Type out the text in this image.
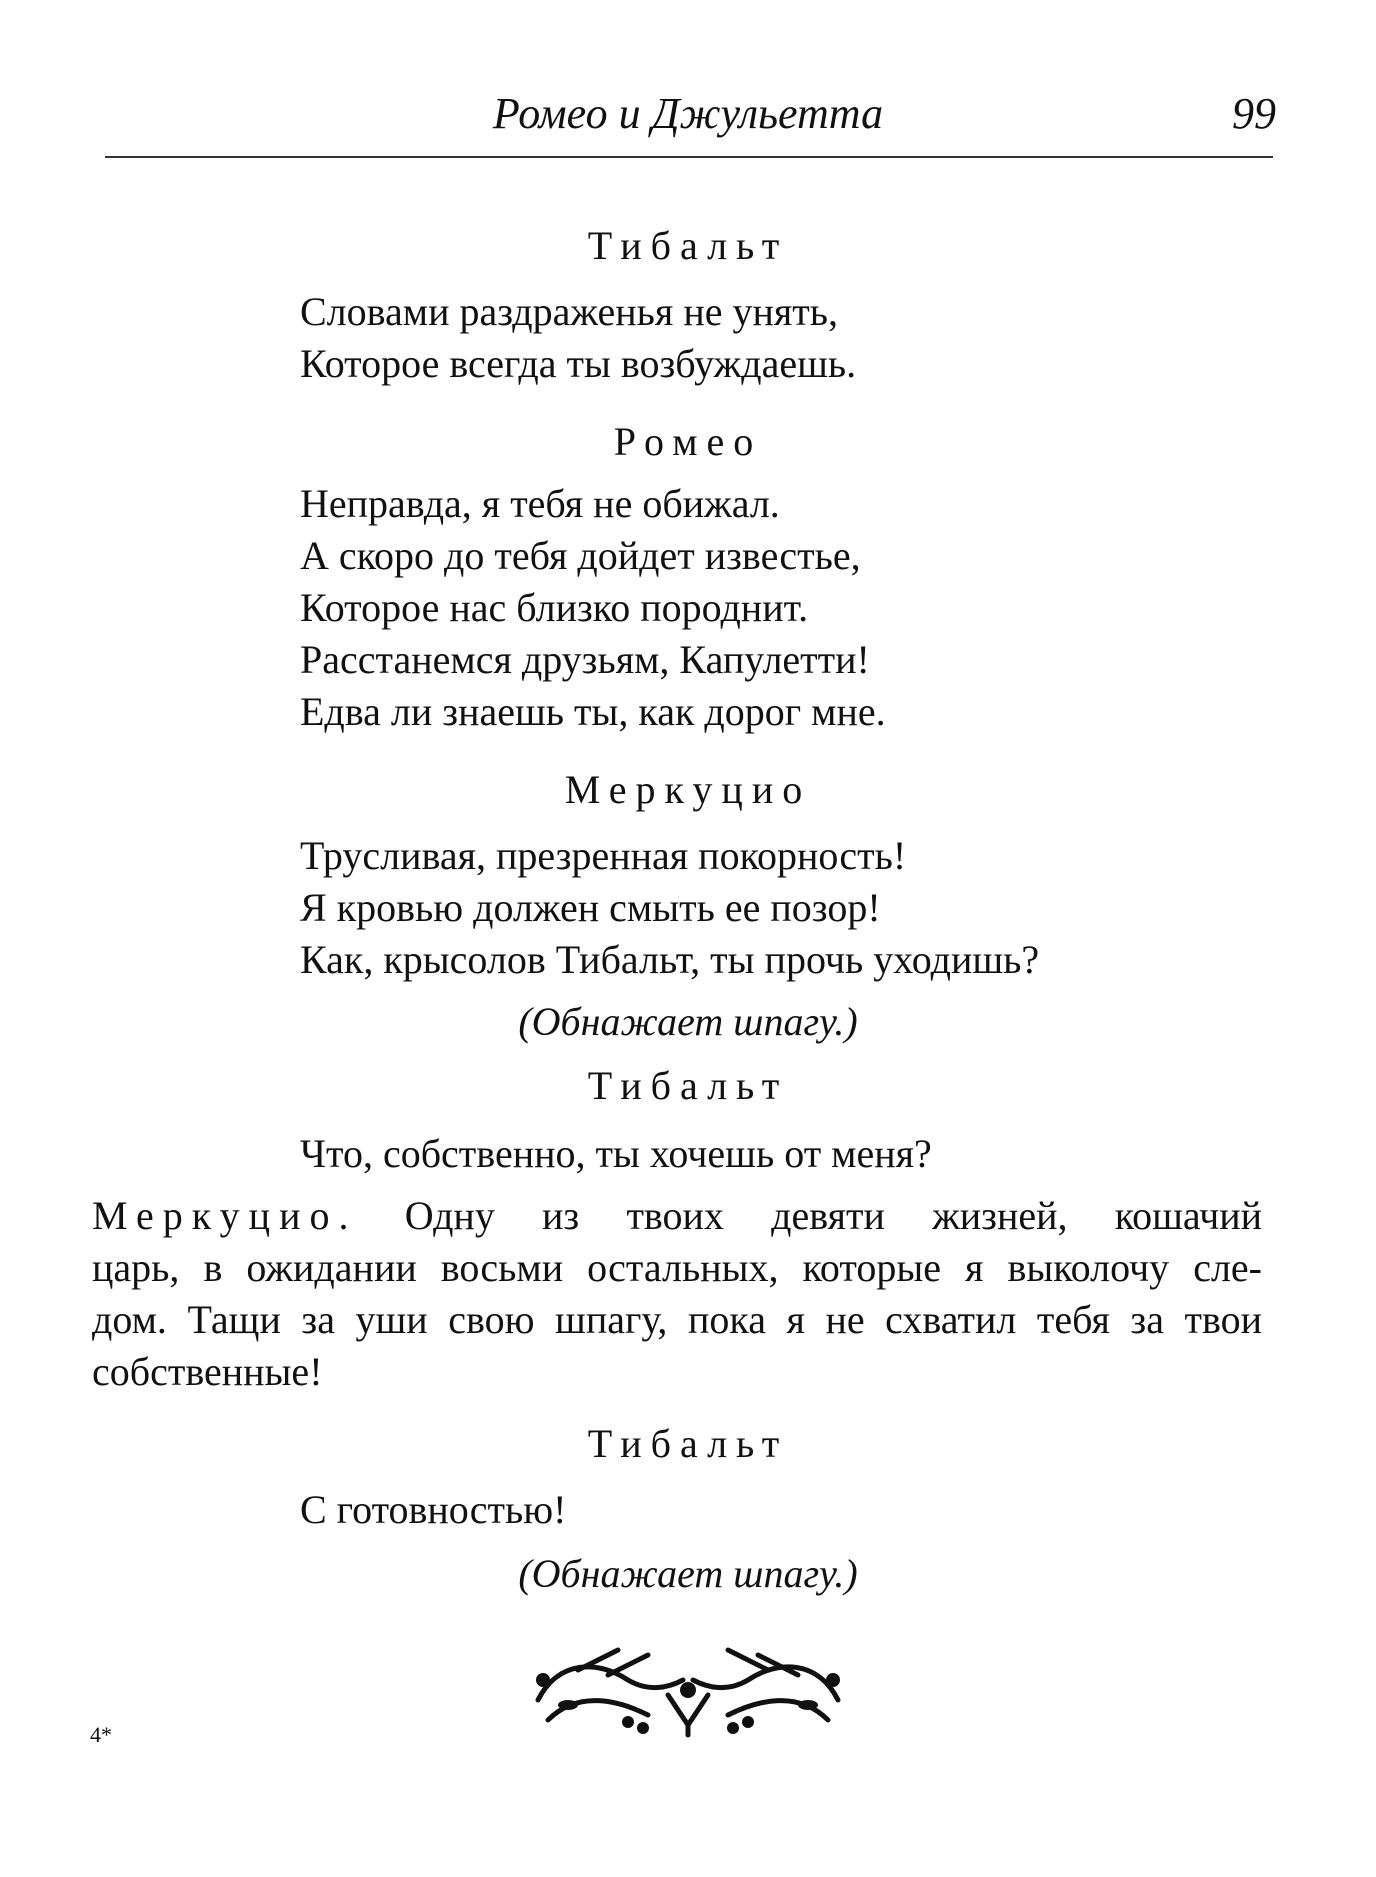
Ромео и Джульетта	99
Тибальт
Словами раздраженья не унять,
Которое всегда ты возбуждаешь.
Ромео
Неправда, я тебя не обижал.
А скоро до тебя дойдет известье,
Которое нас близко породнит.
Расстанемся друзьям, Капулетти!
Едва ли знаешь ты, как дорог мне.
Меркуцио
Трусливая, презренная покорность!
Я кровью должен смыть ее позор!
Как, крысолов Тибальт, ты прочь уходишь?
(Обнажает шпагу.)
Тибальт
Что, собственно, ты хочешь от меня?
Меркуцио. Одну из твоих девяти жизней, кошачий
царь, в ожидании восьми остальных, которые я выколочу сле-
дом. Тащи за уши свою шпагу, пока я не схватил тебя за твои
собственные!
Тибальт
С готовностью!
(Обнажает шпагу.)
4*
